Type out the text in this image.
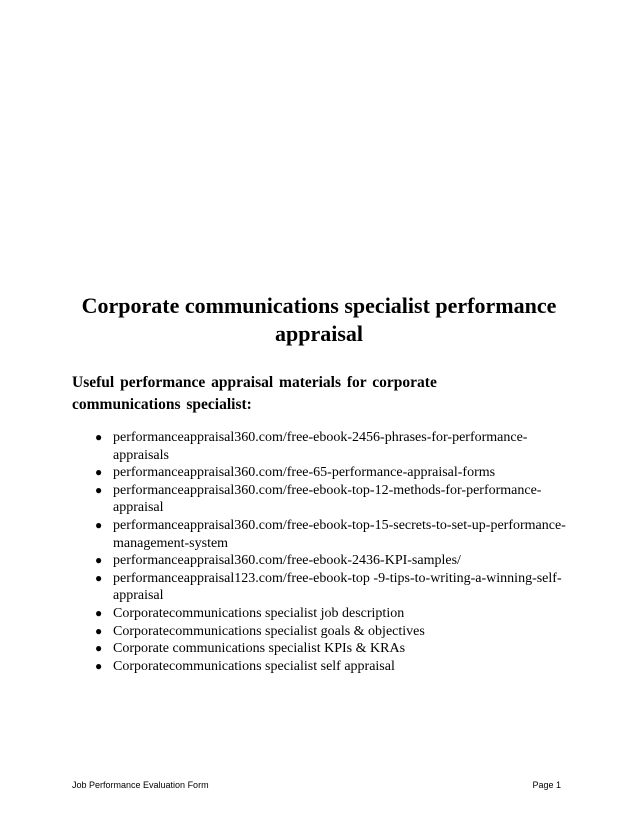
Corporate communications specialist performance appraisal

Useful performance appraisal materials for corporate communications specialist:

● performanceappraisal360.com/free-ebook-2456-phrases-for-performance-appraisals
● performanceappraisal360.com/free-65-performance-appraisal-forms
● performanceappraisal360.com/free-ebook-top-12-methods-for-performance-appraisal
● performanceappraisal360.com/free-ebook-top-15-secrets-to-set-up-performance-management-system
● performanceappraisal360.com/free-ebook-2436-KPI-samples/
● performanceappraisal123.com/free-ebook-top -9-tips-to-writing-a-winning-self-appraisal
● Corporatecommunications specialist job description
● Corporatecommunications specialist goals & objectives
● Corporate communications specialist KPIs & KRAs
● Corporatecommunications specialist self appraisal
Job Performance Evaluation Form	Page 1
